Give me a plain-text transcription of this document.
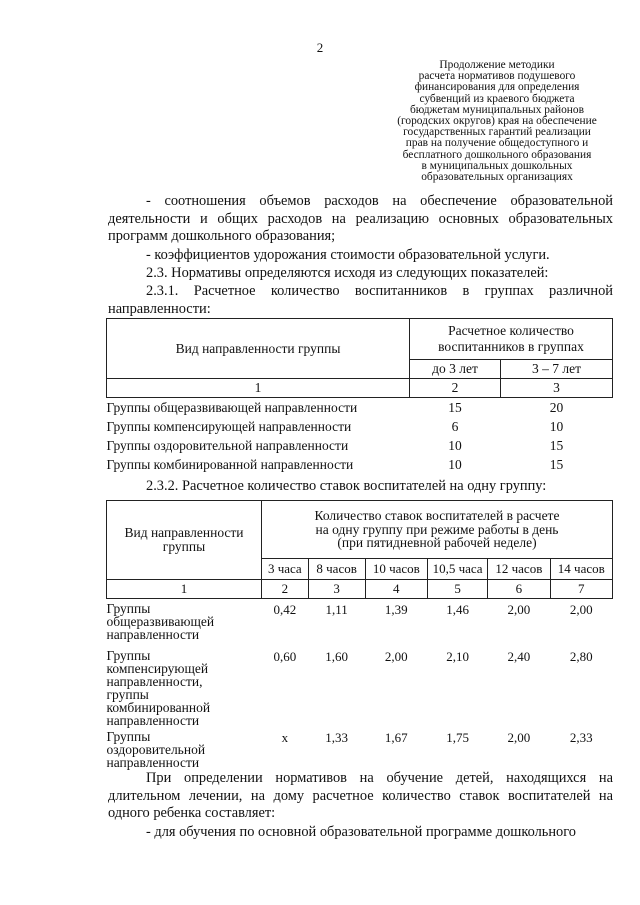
2
Продолжение методики
расчета нормативов подушевого
финансирования для определения
субвенций из краевого бюджета
бюджетам муниципальных районов
(городских округов) края на обеспечение
государственных гарантий реализации
прав на получение общедоступного и
бесплатного дошкольного образования
в муниципальных дошкольных
образовательных организациях
- соотношения объемов расходов на обеспечение образовательной деятельности и общих расходов на реализацию основных образовательных программ дошкольного образования;
- коэффициентов удорожания стоимости образовательной услуги.
2.3. Нормативы определяются исходя из следующих показателей:
2.3.1. Расчетное количество воспитанников в группах различной направленности:
Вид направленности группы	Расчетное количество воспитанников в группах	
	до 3 лет	3 – 7 лет
1	2	3
Группы общеразвивающей направленности	15	20
Группы компенсирующей направленности	6	10
Группы оздоровительной направленности	10	15
Группы комбинированной направленности	10	15
2.3.2. Расчетное количество ставок воспитателей на одну группу:
Вид направленности группы	Количество ставок воспитателей в расчете на одну группу при режиме работы в день (при пятидневной рабочей неделе)					
	3 часа	8 часов	10 часов	10,5 часа	12 часов	14 часов
1	2	3	4	5	6	7
Группы общеразвивающей направленности	0,42	1,11	1,39	1,46	2,00	2,00
Группы компенсирующей направленности, группы комбинированной направленности	0,60	1,60	2,00	2,10	2,40	2,80
Группы оздоровительной направленности	х	1,33	1,67	1,75	2,00	2,33
При определении нормативов на обучение детей, находящихся на длительном лечении, на дому расчетное количество ставок воспитателей на одного ребенка составляет:
- для обучения по основной образовательной программе дошкольного
